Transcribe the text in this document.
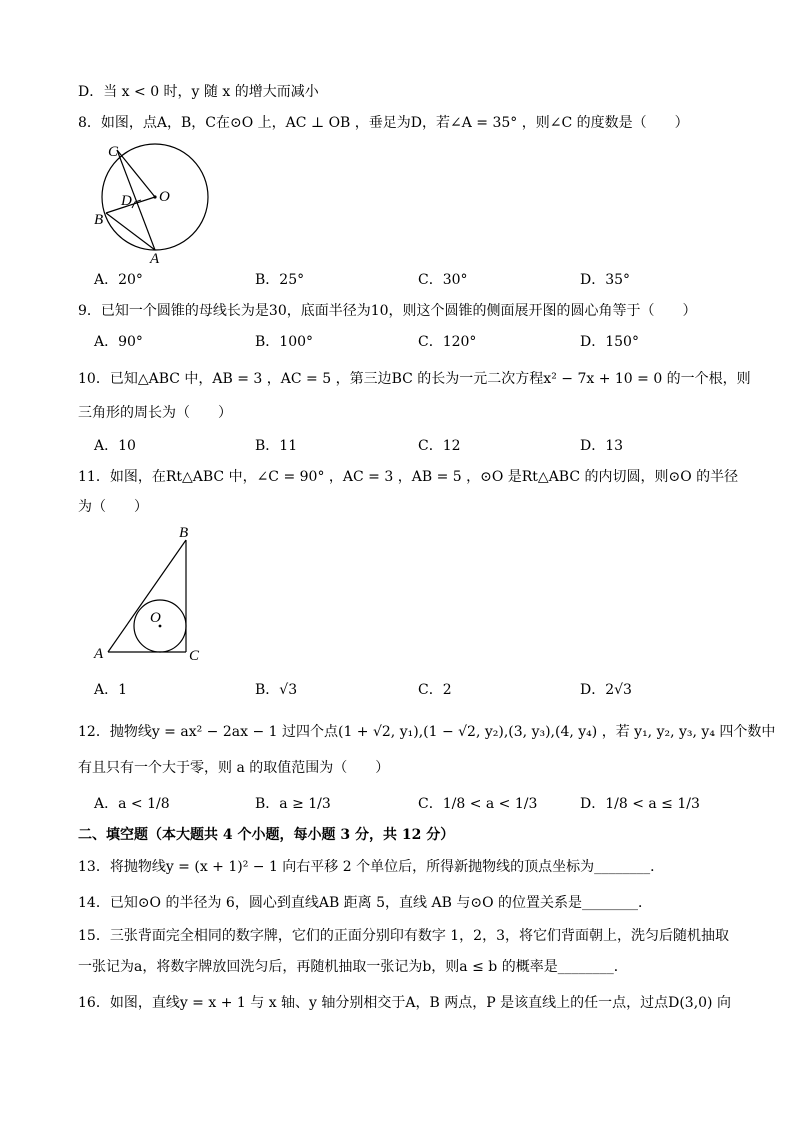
D．当 x < 0 时，y 随 x 的增大而减小
8．如图，点A，B，C在⊙O 上，AC ⊥ OB ，垂足为D，若∠A = 35° ，则∠C 的度数是（　　）
C
D O
B
A
A．20°	B．25°	C．30°	D．35°
9．已知一个圆锥的母线长为是30，底面半径为10，则这个圆锥的侧面展开图的圆心角等于（　　）
A．90°	B．100°	C．120°	D．150°
10．已知△ABC 中，AB = 3 ，AC = 5 ，第三边BC 的长为一元二次方程x² − 7x + 10 = 0 的一个根，则
三角形的周长为（　　）
A．10	B．11	C．12	D．13
11．如图，在Rt△ABC 中，∠C = 90° ，AC = 3 ，AB = 5 ，⊙O 是Rt△ABC 的内切圆，则⊙O 的半径
为（　　）
B
O
A	C
A．1	B．√3	C．2	D．2√3
12．抛物线y = ax² − 2ax − 1 过四个点(1 + √2, y₁),(1 − √2, y₂),(3, y₃),(4, y₄) ，若 y₁, y₂, y₃, y₄ 四个数中
有且只有一个大于零，则 a 的取值范围为（　　）
A．a < 1/8	B．a ≥ 1/3	C．1/8 < a < 1/3	D．1/8 < a ≤ 1/3
二、填空题（本大题共 4 个小题，每小题 3 分，共 12 分）
13．将抛物线y = (x + 1)² − 1 向右平移 2 个单位后，所得新抛物线的顶点坐标为________．
14．已知⊙O 的半径为 6，圆心到直线AB 距离 5，直线 AB 与⊙O 的位置关系是________．
15．三张背面完全相同的数字牌，它们的正面分别印有数字 1，2，3，将它们背面朝上，洗匀后随机抽取
一张记为a，将数字牌放回洗匀后，再随机抽取一张记为b，则a ≤ b 的概率是________．
16．如图，直线y = x + 1 与 x 轴、y 轴分别相交于A，B 两点，P 是该直线上的任一点，过点D(3,0) 向
